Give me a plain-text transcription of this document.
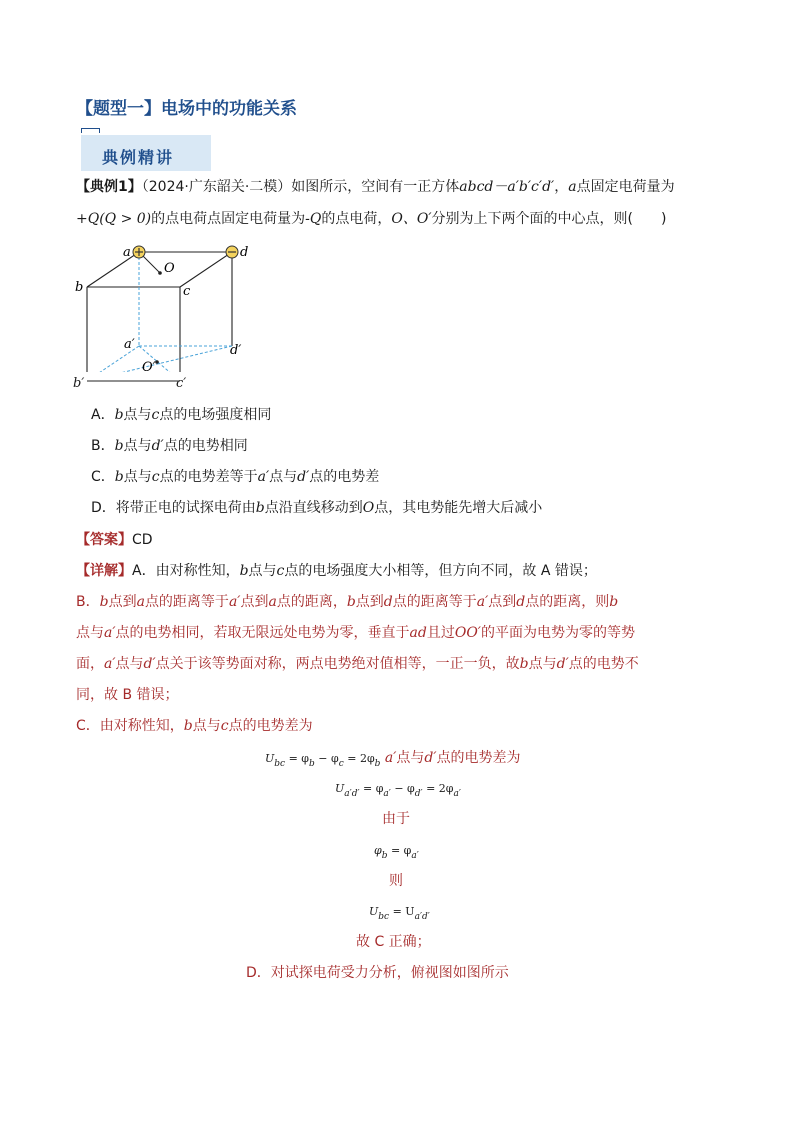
【题型一】电场中的功能关系
典例精讲
【典例1】（2024·广东韶关·二模）如图所示，空间有一正方体abcd－a′b′c′d′，a点固定电荷量为
+Q(Q > 0)的点电荷点固定电荷量为-Q的点电荷，O、O′分别为上下两个面的中心点，则(　　)
a	d
b	c
O
a′	d′
O′
b′	c′
A．b点与c点的电场强度相同
B．b点与d′点的电势相同
C．b点与c点的电势差等于a′点与d′点的电势差
D．将带正电的试探电荷由b点沿直线移动到O点，其电势能先增大后减小
【答案】CD
【详解】A．由对称性知，b点与c点的电场强度大小相等，但方向不同，故 A 错误；
B．b点到a点的距离等于a′点到a点的距离，b点到d点的距离等于a′点到d点的距离，则b
点与a′点的电势相同，若取无限远处电势为零，垂直于ad且过OO′的平面为电势为零的等势
面，a′点与d′点关于该等势面对称，两点电势绝对值相等，一正一负，故b点与d′点的电势不
同，故 B 错误；
C．由对称性知，b点与c点的电势差为
$U_{bc} = \varphi_b - \varphi_c = 2\varphi_b$ a′点与d′点的电势差为
$U_{a'd'} = \varphi_{a'} - \varphi_{d'} = 2\varphi_{a'}$
由于
$\varphi_b = \varphi_{a'}$
则
$U_{bc} = U_{a'd'}$
故 C 正确；
D．对试探电荷受力分析，俯视图如图所示
